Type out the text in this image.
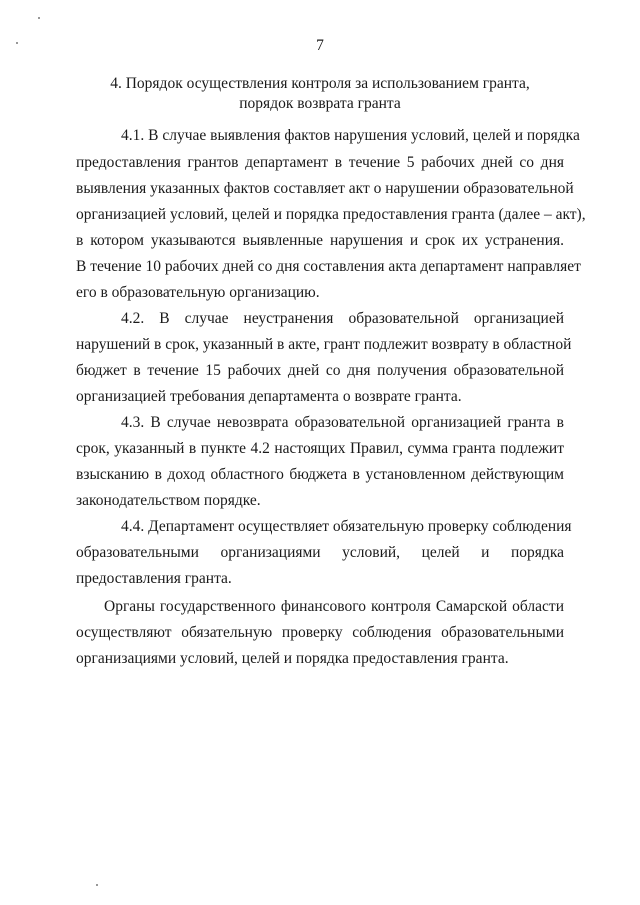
7
4. Порядок осуществления контроля за использованием гранта,
порядок возврата гранта
4.1. В случае выявления фактов нарушения условий, целей и порядка
предоставления грантов департамент в течение 5 рабочих дней со дня
выявления указанных фактов составляет акт о нарушении образовательной
организацией условий, целей и порядка предоставления гранта (далее – акт),
в котором указываются выявленные нарушения и срок их устранения.
В течение 10 рабочих дней со дня составления акта департамент направляет
его в образовательную организацию.
4.2. В случае неустранения образовательной организацией
нарушений в срок, указанный в акте, грант подлежит возврату в областной
бюджет в течение 15 рабочих дней со дня получения образовательной
организацией требования департамента о возврате гранта.
4.3. В случае невозврата образовательной организацией гранта в
срок, указанный в пункте 4.2 настоящих Правил, сумма гранта подлежит
взысканию в доход областного бюджета в установленном действующим
законодательством порядке.
4.4. Департамент осуществляет обязательную проверку соблюдения
образовательными организациями условий, целей и порядка
предоставления гранта.
Органы государственного финансового контроля Самарской области
осуществляют обязательную проверку соблюдения образовательными
организациями условий, целей и порядка предоставления гранта.
